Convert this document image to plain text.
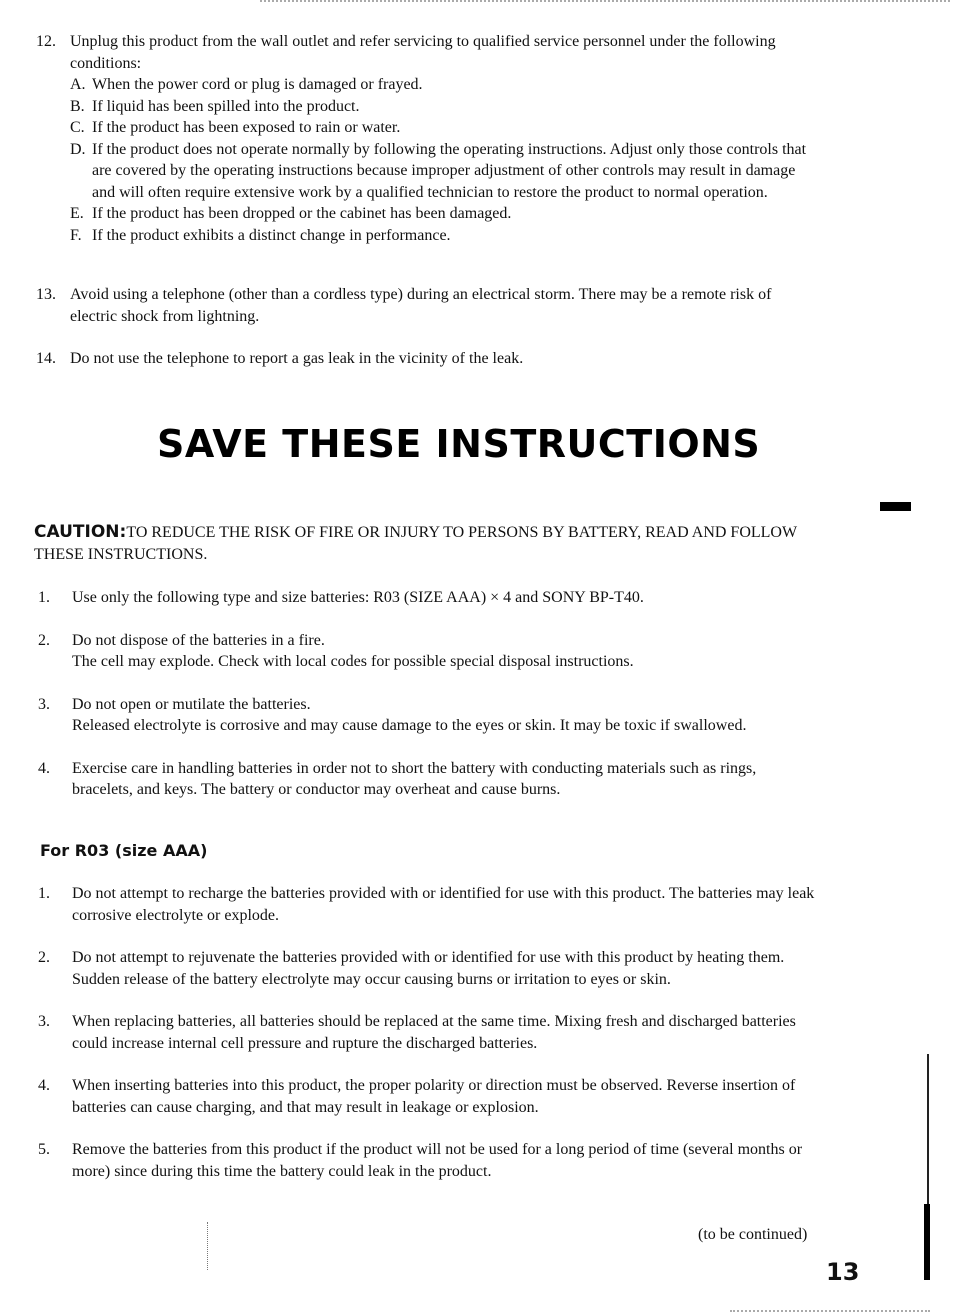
12. Unplug this product from the wall outlet and refer servicing to qualified service personnel under the following conditions:
A. When the power cord or plug is damaged or frayed.
B. If liquid has been spilled into the product.
C. If the product has been exposed to rain or water.
D. If the product does not operate normally by following the operating instructions. Adjust only those controls that are covered by the operating instructions because improper adjustment of other controls may result in damage and will often require extensive work by a qualified technician to restore the product to normal operation.
E. If the product has been dropped or the cabinet has been damaged.
F. If the product exhibits a distinct change in performance.
13. Avoid using a telephone (other than a cordless type) during an electrical storm. There may be a remote risk of electric shock from lightning.
14. Do not use the telephone to report a gas leak in the vicinity of the leak.
SAVE THESE INSTRUCTIONS

CAUTION:TO REDUCE THE RISK OF FIRE OR INJURY TO PERSONS BY BATTERY, READ AND FOLLOW THESE INSTRUCTIONS.

1.	Use only the following type and size batteries: R03 (SIZE AAA) × 4 and SONY BP-T40.
2.	Do not dispose of the batteries in a fire.
The cell may explode. Check with local codes for possible special disposal instructions.
3.	Do not open or mutilate the batteries.
Released electrolyte is corrosive and may cause damage to the eyes or skin. It may be toxic if swallowed.
4.	Exercise care in handling batteries in order not to short the battery with conducting materials such as rings, bracelets, and keys. The battery or conductor may overheat and cause burns.
For R03 (size AAA)
1.	Do not attempt to recharge the batteries provided with or identified for use with this product. The batteries may leak corrosive electrolyte or explode.
2.	Do not attempt to rejuvenate the batteries provided with or identified for use with this product by heating them. Sudden release of the battery electrolyte may occur causing burns or irritation to eyes or skin.
3.	When replacing batteries, all batteries should be replaced at the same time. Mixing fresh and discharged batteries could increase internal cell pressure and rupture the discharged batteries.
4.	When inserting batteries into this product, the proper polarity or direction must be observed. Reverse insertion of batteries can cause charging, and that may result in leakage or explosion.
5.	Remove the batteries from this product if the product will not be used for a long period of time (several months or more) since during this time the battery could leak in the product.
(to be continued)
13
